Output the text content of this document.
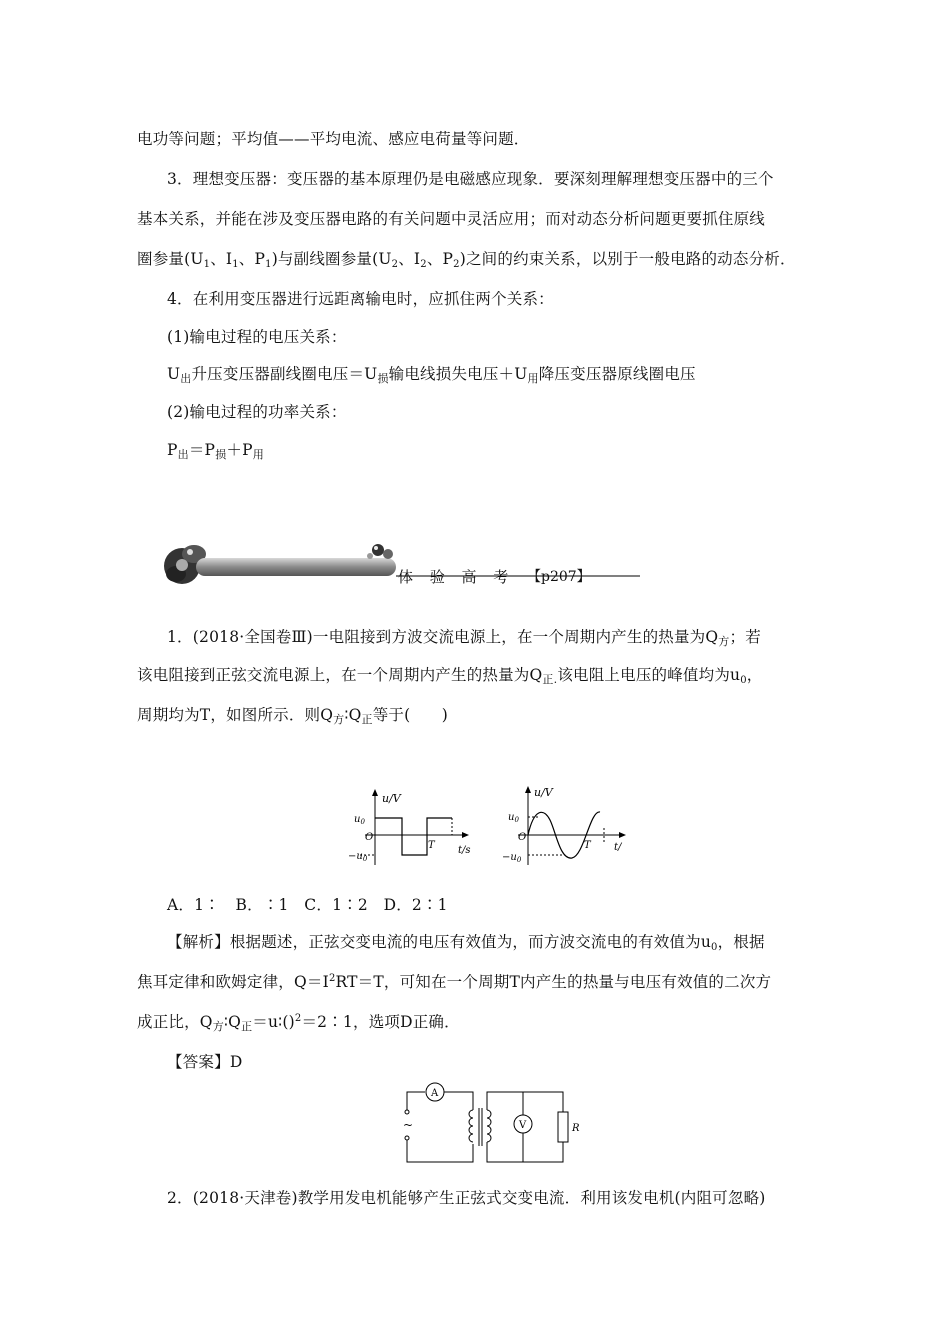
电功等问题；平均值——平均电流、感应电荷量等问题．
3．理想变压器：变压器的基本原理仍是电磁感应现象．要深刻理解理想变压器中的三个
基本关系，并能在涉及变压器电路的有关问题中灵活应用；而对动态分析问题更要抓住原线
圈参量($U_1$、$I_1$、$P_1$)与副线圈参量($U_2$、$I_2$、$P_2$)之间的约束关系，以别于一般电路的动态分析．
4．在利用变压器进行远距离输电时，应抓住两个关系：
(1)输电过程的电压关系：
$U_出$升压变压器副线圈电压$=U_损$输电线损失电压$+U_用$降压变压器原线圈电压
(2)输电过程的功率关系：
$P_出=P_损+P_用$
体 验 高 考 【p207】
1．(2018·全国卷Ⅲ)一电阻接到方波交流电源上，在一个周期内产生的热量为$Q_方$；若
该电阻接到正弦交流电源上，在一个周期内产生的热量为$Q_{正.}$该电阻上电压的峰值均为$u_0$，
周期均为T，如图所示．则$Q_方∶Q_正$等于(　　)
u/V
$u_0$
O
T t/s
$-u_0$
u/V
$u_0$
O
T t/
$-u_0$
A．1∶　B．∶1　C．1∶2　D．2∶1
【解析】根据题述，正弦交变电流的电压有效值为，而方波交流电的有效值为$u_0$，根据
焦耳定律和欧姆定律，$Q=I^2RT=T$，可知在一个周期T内产生的热量与电压有效值的二次方
成正比，$Q_方∶Q_正=u∶()^2=2∶1$，选项D正确．
【答案】D
A
~	V	R
2．(2018·天津卷)教学用发电机能够产生正弦式交变电流．利用该发电机(内阻可忽略)
